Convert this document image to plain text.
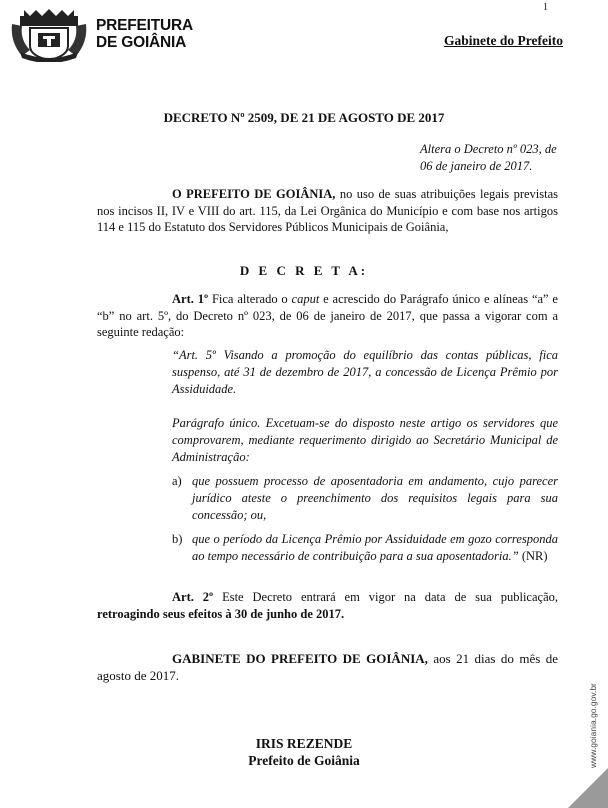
PREFEITURA
DE GOIÂNIA
1
Gabinete do Prefeito
DECRETO Nº 2509, DE 21 DE AGOSTO DE 2017
Altera o Decreto nº 023, de
06 de janeiro de 2017.
O PREFEITO DE GOIÂNIA, no uso de suas atribuições legais previstas nos incisos II, IV e VIII do art. 115, da Lei Orgânica do Município e com base nos artigos 114 e 115 do Estatuto dos Servidores Públicos Municipais de Goiânia,
D E C R E T A:
Art. 1º Fica alterado o caput e acrescido do Parágrafo único e alíneas “a” e “b” no art. 5º, do Decreto nº 023, de 06 de janeiro de 2017, que passa a vigorar com a seguinte redação:
“Art. 5º Visando a promoção do equilíbrio das contas públicas, fica suspenso, até 31 de dezembro de 2017, a concessão de Licença Prêmio por Assiduidade.
Parágrafo único. Excetuam-se do disposto neste artigo os servidores que comprovarem, mediante requerimento dirigido ao Secretário Municipal de Administração:
a) que possuem processo de aposentadoria em andamento, cujo parecer jurídico ateste o preenchimento dos requisitos legais para sua concessão; ou,
b) que o período da Licença Prêmio por Assiduidade em gozo corresponda ao tempo necessário de contribuição para a sua aposentadoria.” (NR)
Art. 2º Este Decreto entrará em vigor na data de sua publicação, retroagindo seus efeitos à 30 de junho de 2017.
GABINETE DO PREFEITO DE GOIÂNIA, aos 21 dias do mês de agosto de 2017.
IRIS REZENDE
Prefeito de Goiânia	www.goiania.go.gov.br
